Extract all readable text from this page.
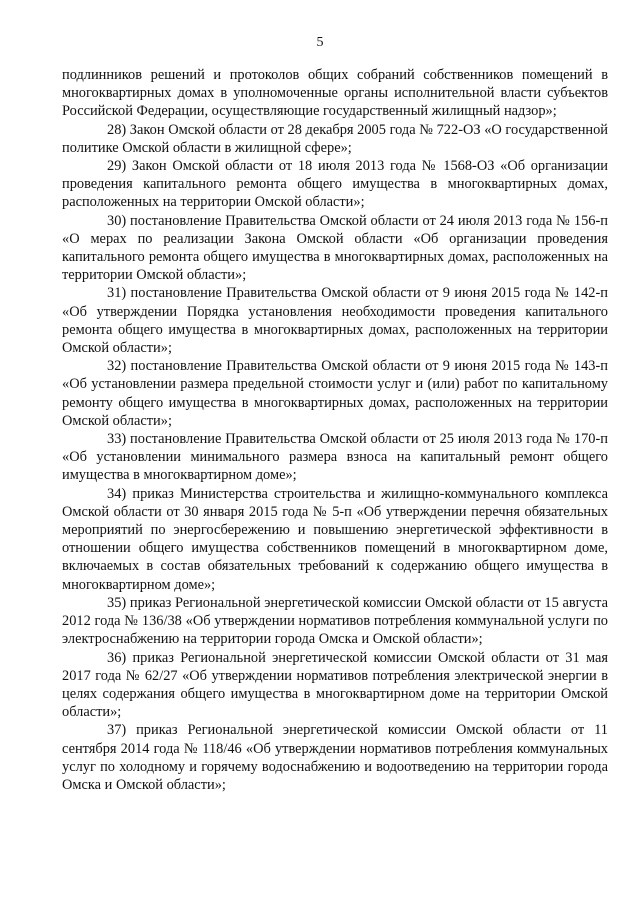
5

подлинников решений и протоколов общих собраний собственников помещений в многоквартирных домах в уполномоченные органы исполнительной власти субъектов Российской Федерации, осуществляющие государственный жилищный надзор»;

28) Закон Омской области от 28 декабря 2005 года № 722-ОЗ «О государственной политике Омской области в жилищной сфере»;

29) Закон Омской области от 18 июля 2013 года № 1568-ОЗ «Об организации проведения капитального ремонта общего имущества в многоквартирных домах, расположенных на территории Омской области»;

30) постановление Правительства Омской области от 24 июля 2013 года № 156-п «О мерах по реализации Закона Омской области «Об организации проведения капитального ремонта общего имущества в многоквартирных домах, расположенных на территории Омской области»;

31) постановление Правительства Омской области от 9 июня 2015 года № 142-п «Об утверждении Порядка установления необходимости проведения капитального ремонта общего имущества в многоквартирных домах, расположенных на территории Омской области»;

32) постановление Правительства Омской области от 9 июня 2015 года № 143-п «Об установлении размера предельной стоимости услуг и (или) работ по капитальному ремонту общего имущества в многоквартирных домах, расположенных на территории Омской области»;

33) постановление Правительства Омской области от 25 июля 2013 года № 170-п «Об установлении минимального размера взноса на капитальный ремонт общего имущества в многоквартирном доме»;

34) приказ Министерства строительства и жилищно-коммунального комплекса Омской области от 30 января 2015 года № 5-п «Об утверждении перечня обязательных мероприятий по энергосбережению и повышению энергетической эффективности в отношении общего имущества собственников помещений в многоквартирном доме, включаемых в состав обязательных требований к содержанию общего имущества в многоквартирном доме»;

35) приказ Региональной энергетической комиссии Омской области от 15 августа 2012 года № 136/38 «Об утверждении нормативов потребления коммунальной услуги по электроснабжению на территории города Омска и Омской области»;

36) приказ Региональной энергетической комиссии Омской области от 31 мая 2017 года № 62/27 «Об утверждении нормативов потребления электрической энергии в целях содержания общего имущества в многоквартирном доме на территории Омской области»;

37) приказ Региональной энергетической комиссии Омской области от 11 сентября 2014 года № 118/46 «Об утверждении нормативов потребления коммунальных услуг по холодному и горячему водоснабжению и водоотведению на территории города Омска и Омской области»;
